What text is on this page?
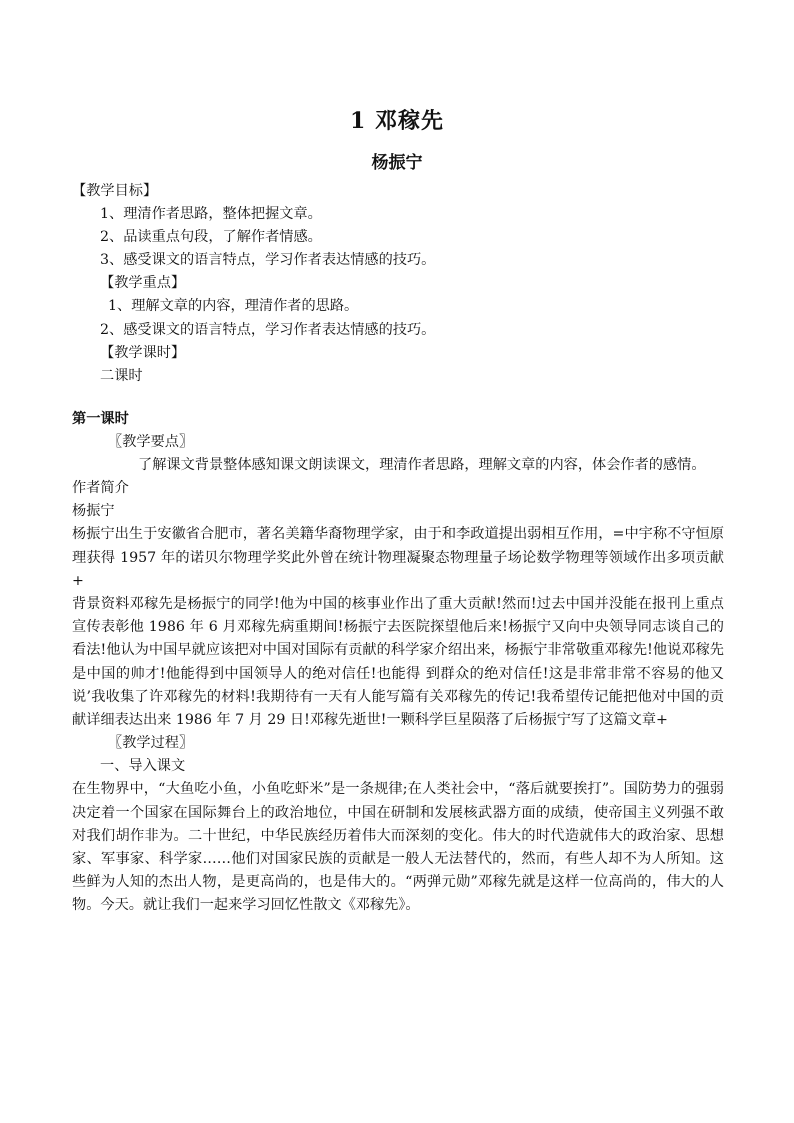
1 邓稼先
杨振宁
【教学目标】
1、理清作者思路，整体把握文章。
2、品读重点句段，了解作者情感。
3、感受课文的语言特点，学习作者表达情感的技巧。
【教学重点】
1、理解文章的内容，理清作者的思路。
2、感受课文的语言特点，学习作者表达情感的技巧。
【教学课时】
二课时
第一课时
〖教学要点〗
了解课文背景整体感知课文朗读课文，理清作者思路，理解文章的内容，体会作者的感情。
作者简介
杨振宁
杨振宁出生于安徽省合肥市，著名美籍华裔物理学家，由于和李政道提出弱相互作用，=中宇称不守恒原理获得 1957 年的诺贝尔物理学奖此外曾在统计物理凝聚态物理量子场论数学物理等领域作出多项贡献+
背景资料邓稼先是杨振宁的同学!他为中国的核事业作出了重大贡献!然而!过去中国并没能在报刊上重点宣传表彰他 1986 年 6 月邓稼先病重期间!杨振宁去医院探望他后来!杨振宁又向中央领导同志谈自己的看法!他认为中国早就应该把对中国对国际有贡献的科学家介绍出来，杨振宁非常敬重邓稼先!他说邓稼先是中国的帅才!他能得到中国领导人的绝对信任!也能得 到群众的绝对信任!这是非常非常不容易的他又说’我收集了许邓稼先的材料!我期待有一天有人能写篇有关邓稼先的传记!我希望传记能把他对中国的贡献详细表达出来 1986 年 7 月 29 日!邓稼先逝世!一颗科学巨星陨落了后杨振宁写了这篇文章+
〖教学过程〗
一、导入课文
在生物界中，“大鱼吃小鱼，小鱼吃虾米”是一条规律;在人类社会中，“落后就要挨打”。国防势力的强弱决定着一个国家在国际舞台上的政治地位，中国在研制和发展核武器方面的成绩，使帝国主义列强不敢对我们胡作非为。二十世纪，中华民族经历着伟大而深刻的变化。伟大的时代造就伟大的政治家、思想家、军事家、科学家……他们对国家民族的贡献是一般人无法替代的，然而，有些人却不为人所知。这些鲜为人知的杰出人物，是更高尚的，也是伟大的。“两弹元勋”邓稼先就是这样一位高尚的，伟大的人物。今天。就让我们一起来学习回忆性散文《邓稼先》。
